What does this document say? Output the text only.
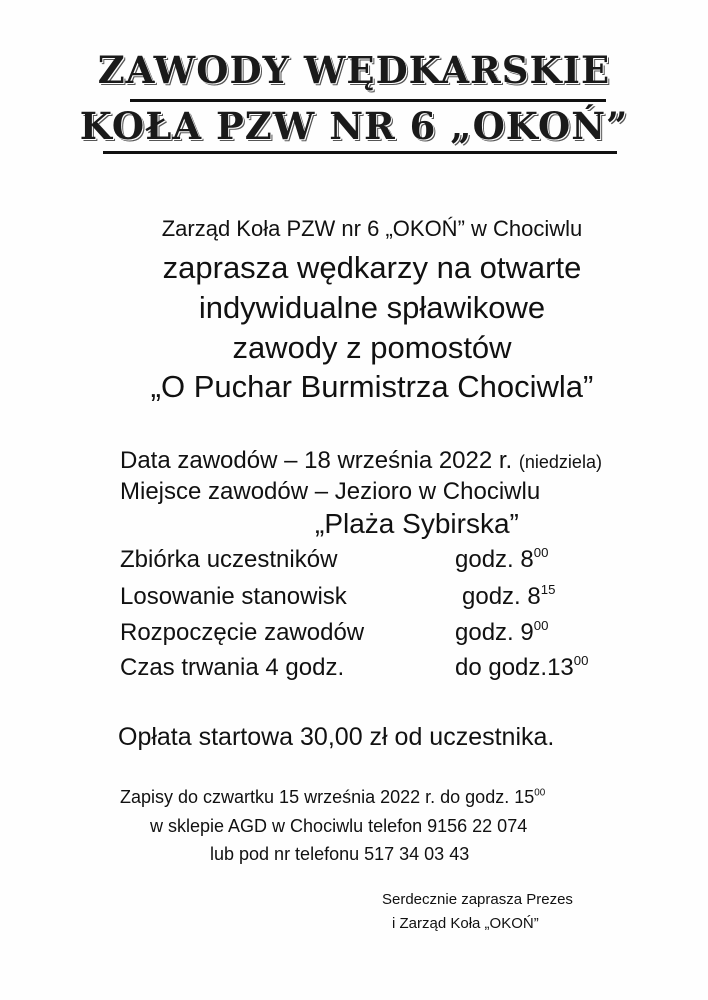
ZAWODY WĘDKARSKIE
KOŁA PZW NR 6 „OKOŃ”
Zarząd Koła PZW nr 6 „OKOŃ” w Chociwlu
zaprasza wędkarzy na otwarte
indywidualne spławikowe
zawody z pomostów
„O Puchar Burmistrza Chociwla”
Data zawodów – 18 września 2022 r. (niedziela)
Miejsce zawodów – Jezioro w Chociwlu
„Plaża Sybirska”
Zbiórka uczestników	godz. $8^{00}$
Losowanie stanowisk	godz. $8^{15}$
Rozpoczęcie zawodów	godz. $9^{00}$
Czas trwania 4 godz.	do $godz.13^{00}$
Opłata startowa 30,00 zł od uczestnika.
Zapisy do czwartku 15 września 2022 r. do godz. $15^{00}$
w sklepie AGD w Chociwlu telefon 9156 22 074
lub pod nr telefonu 517 34 03 43
Serdecznie zaprasza Prezes
i Zarząd Koła „OKOŃ”
